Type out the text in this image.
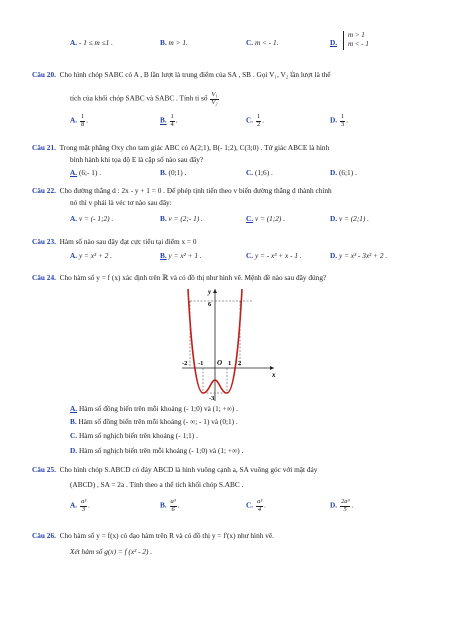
A. - 1 ≤ m ≤1 .	B. m > 1.	C. m < - 1.	D.
m > 1
m < - 1
Câu 20. Cho hình chóp SABC có A , B lần lượt là trung điểm của SA , SB . Gọi V₁, V₂ lần lượt là thể
tích của khối chóp SABC và SABC . Tính tỉ số $\frac{\text{V₁}}{\text{V₂}}$
A. $\frac{1}{8}$ .	B. $\frac{1}{4}$ .	C. $\frac{1}{2}$ .	D. $\frac{1}{3}$ .
Câu 21. Trong mặt phẳng Oxy cho tam giác ABC có A(2;1), B(- 1;2), C(3;0) . Tứ giác ABCE là hình
bình hành khi tọa độ E là cặp số nào sau đây?
A. (6;- 1) .	B. (0;1) .	C. (1;6) .	D. (6;1) .
Câu 22. Cho đường thẳng d : 2x - y + 1 = 0 . Để phép tịnh tiến theo v biến đường thẳng d thành chính
nó thì v phải là véc tơ nào sau đây:
A. v = (- 1;2) .	B. v = (2;- 1) .	C. v = (1;2) .	D. v = (2;1) .
Câu 23. Hàm số nào sau đây đạt cực tiểu tại điểm x = 0
A. y = x³ + 2 .	B. y = x² + 1 .	C. y = - x³ + x - 1 .	D. y = x³ - 3x² + 2 .
Câu 24. Cho hàm số y = f (x) xác định trên ℝ và có đồ thị như hình vẽ. Mệnh đề nào sau đây đúng?
y
x
6
-2 -1 O 1 2
-3
A. Hàm số đồng biến trên mỗi khoảng (- 1;0) và (1; +∞) .
B. Hàm số đồng biến trên mỗi khoảng (- ∞; - 1) và (0;1) .
C. Hàm số nghịch biến trên khoảng (- 1;1) .
D. Hàm số nghịch biến trên mỗi khoảng (- 1;0) và (1; +∞) .
Câu 25. Cho hình chóp S.ABCD có đáy ABCD là hình vuông cạnh a, SA vuông góc với mặt đáy
(ABCD) , SA = 2a . Tính theo a thể tích khối chóp S.ABC .
A. $\frac{\text{a³}}{3}$ .	B. $\frac{\text{a³}}{6}$ .	C. $\frac{\text{a³}}{4}$ .	D. $\frac{\text{2a³}}{5}$ .
Câu 26. Cho hàm số y = f(x) có đạo hàm trên R và có đồ thị y = f'(x) như hình vẽ.
Xét hàm số g(x) = f (x² - 2) .
